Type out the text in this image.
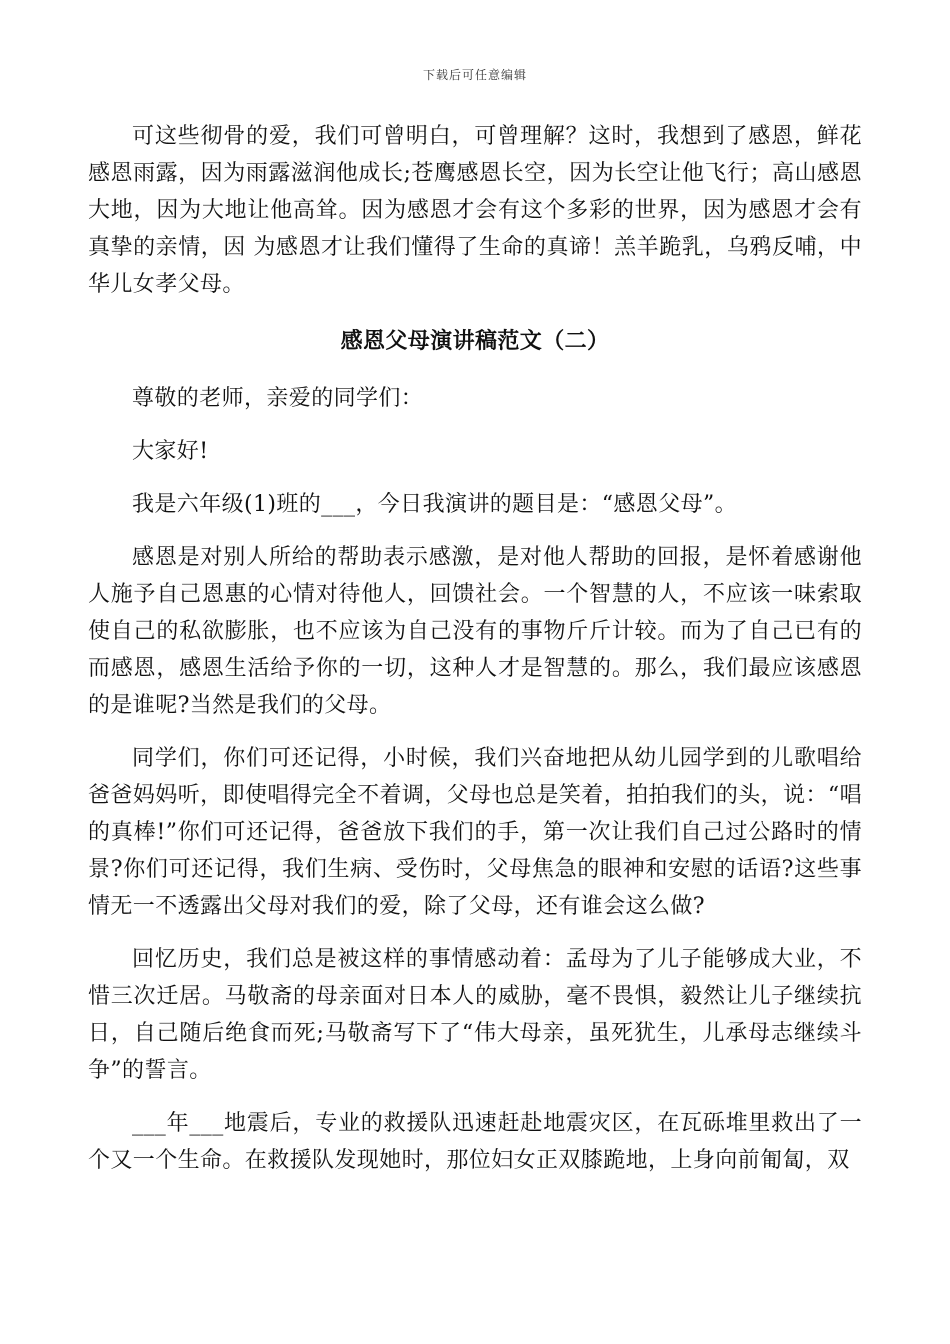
下载后可任意编辑

可这些彻骨的爱，我们可曾明白，可曾理解？这时，我想到了感恩，鲜花感恩雨露，因为雨露滋润他成长;苍鹰感恩长空，因为长空让他飞行；高山感恩大地，因为大地让他高耸。因为感恩才会有这个多彩的世界，因为感恩才会有真挚的亲情，因 为感恩才让我们懂得了生命的真谛！羔羊跪乳，乌鸦反哺，中华儿女孝父母。

感恩父母演讲稿范文（二）

尊敬的老师，亲爱的同学们：

大家好!

我是六年级(1)班的___，今日我演讲的题目是：“感恩父母”。

感恩是对别人所给的帮助表示感激，是对他人帮助的回报，是怀着感谢他人施予自己恩惠的心情对待他人，回馈社会。一个智慧的人，不应该一味索取使自己的私欲膨胀，也不应该为自己没有的事物斤斤计较。而为了自己已有的而感恩，感恩生活给予你的一切，这种人才是智慧的。那么，我们最应该感恩的是谁呢?当然是我们的父母。

同学们，你们可还记得，小时候，我们兴奋地把从幼儿园学到的儿歌唱给爸爸妈妈听，即使唱得完全不着调，父母也总是笑着，拍拍我们的头，说：“唱的真棒!”你们可还记得，爸爸放下我们的手，第一次让我们自己过公路时的情景?你们可还记得，我们生病、受伤时，父母焦急的眼神和安慰的话语?这些事情无一不透露出父母对我们的爱，除了父母，还有谁会这么做?

回忆历史，我们总是被这样的事情感动着：孟母为了儿子能够成大业，不惜三次迁居。马敬斋的母亲面对日本人的威胁，毫不畏惧，毅然让儿子继续抗日，自己随后绝食而死;马敬斋写下了“伟大母亲，虽死犹生，儿承母志继续斗争”的誓言。

___年___地震后，专业的救援队迅速赶赴地震灾区，在瓦砾堆里救出了一个又一个生命。在救援队发现她时，那位妇女正双膝跪地，上身向前匍匐，双
